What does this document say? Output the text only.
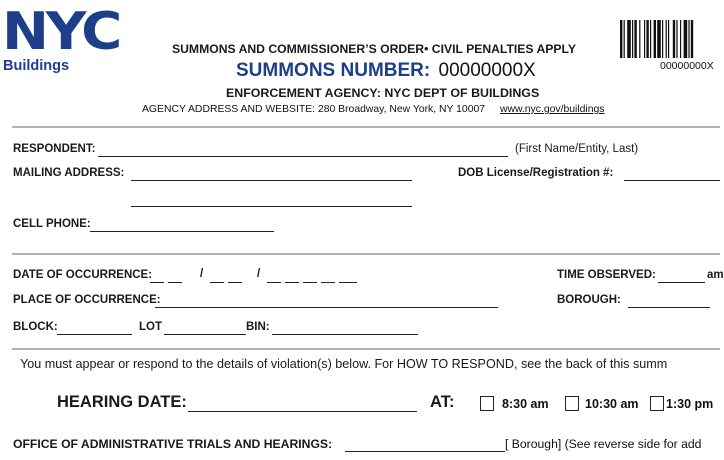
NYC
Buildings
SUMMONS AND COMMISSIONER’S ORDER• CIVIL PENALTIES APPLY
SUMMONS NUMBER: 00000000X
ENFORCEMENT AGENCY: NYC DEPT OF BUILDINGS
AGENCY ADDRESS AND WEBSITE: 280 Broadway, New York, NY 10007 www.nyc.gov/buildings
00000000X
RESPONDENT:	(First Name/Entity, Last)
MAILING ADDRESS:	DOB License/Registration #:
CELL PHONE:
DATE OF OCCURRENCE:	/	/	TIME OBSERVED:	am
PLACE OF OCCURRENCE:	BOROUGH:
BLOCK:	LOT	BIN:
You must appear or respond to the details of violation(s) below. For HOW TO RESPOND, see the back of this summ
HEARING DATE:	AT:	8:30 am	10:30 am 1:30 pm
OFFICE OF ADMINISTRATIVE TRIALS AND HEARINGS:	[ Borough] (See reverse side for add
